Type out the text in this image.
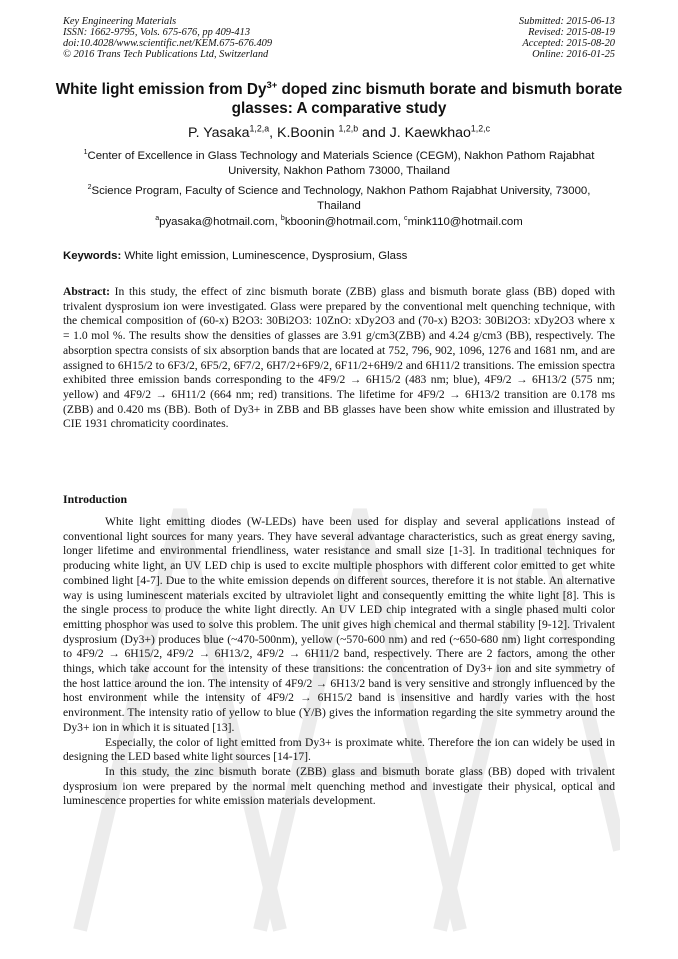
Key Engineering Materials
ISSN: 1662-9795, Vols. 675-676, pp 409-413
doi:10.4028/www.scientific.net/KEM.675-676.409
© 2016 Trans Tech Publications Ltd, Switzerland
Submitted: 2015-06-13
Revised: 2015-08-19
Accepted: 2015-08-20
Online: 2016-01-25
White light emission from $Dy^{3+}$ doped zinc bismuth borate and bismuth borate glasses: A comparative study
P. Yasaka$^{1,2,a}$, K.Boonin $^{1,2,b}$ and J. Kaewkhao$^{1,2,c}$
$^1$Center of Excellence in Glass Technology and Materials Science (CEGM), Nakhon Pathom Rajabhat University, Nakhon Pathom 73000, Thailand
$^2$Science Program, Faculty of Science and Technology, Nakhon Pathom Rajabhat University, 73000, Thailand
$^a$pyasaka@hotmail.com, $^b$kboonin@hotmail.com, $^c$mink110@hotmail.com
Keywords: White light emission, Luminescence, Dysprosium, Glass

Abstract: In this study, the effect of zinc bismuth borate (ZBB) glass and bismuth borate glass (BB) doped with trivalent dysprosium ion were investigated. Glass were prepared by the conventional melt quenching technique, with the chemical composition of (60-x) B2O3: 30Bi2O3: 10ZnO: xDy2O3 and (70-x) B2O3: 30Bi2O3: xDy2O3 where x = 1.0 mol %. The results show the densities of glasses are 3.91 g/cm3(ZBB) and 4.24 g/cm3 (BB), respectively. The absorption spectra consists of six absorption bands that are located at 752, 796, 902, 1096, 1276 and 1681 nm, and are assigned to 6H15/2 to 6F3/2, 6F5/2, 6F7/2, 6H7/2+6F9/2, 6F11/2+6H9/2 and 6H11/2 transitions. The emission spectra exhibited three emission bands corresponding to the 4F9/2 → 6H15/2 (483 nm; blue), 4F9/2 → 6H13/2 (575 nm; yellow) and 4F9/2 → 6H11/2 (664 nm; red) transitions. The lifetime for 4F9/2 → 6H13/2 transition are 0.178 ms (ZBB) and 0.420 ms (BB). Both of Dy3+ in ZBB and BB glasses have been show white emission and illustrated by CIE 1931 chromaticity coordinates.

Introduction

White light emitting diodes (W-LEDs) have been used for display and several applications instead of conventional light sources for many years. They have several advantage characteristics, such as great energy saving, longer lifetime and environmental friendliness, water resistance and small size [1-3]. In traditional techniques for producing white light, an UV LED chip is used to excite multiple phosphors with different color emitted to get white combined light [4-7]. Due to the white emission depends on different sources, therefore it is not stable. An alternative way is using luminescent materials excited by ultraviolet light and consequently emitting the white light [8]. This is the single process to produce the white light directly. An UV LED chip integrated with a single phased multi color emitting phosphor was used to solve this problem. The unit gives high chemical and thermal stability [9-12]. Trivalent dysprosium (Dy3+) produces blue (~470-500nm), yellow (~570-600 nm) and red (~650-680 nm) light corresponding to 4F9/2 → 6H15/2, 4F9/2 → 6H13/2, 4F9/2 → 6H11/2 band, respectively. There are 2 factors, among the other things, which take account for the intensity of these transitions: the concentration of Dy3+ ion and site symmetry of the host lattice around the ion. The intensity of 4F9/2 → 6H13/2 band is very sensitive and strongly influenced by the host environment while the intensity of 4F9/2 → 6H15/2 band is insensitive and hardly varies with the host environment. The intensity ratio of yellow to blue (Y/B) gives the information regarding the site symmetry around the Dy3+ ion in which it is situated [13].

Especially, the color of light emitted from Dy3+ is proximate white. Therefore the ion can widely be used in designing the LED based white light sources [14-17].

In this study, the zinc bismuth borate (ZBB) glass and bismuth borate glass (BB) doped with trivalent dysprosium ion were prepared by the normal melt quenching method and investigate their physical, optical and luminescence properties for white emission materials development.
